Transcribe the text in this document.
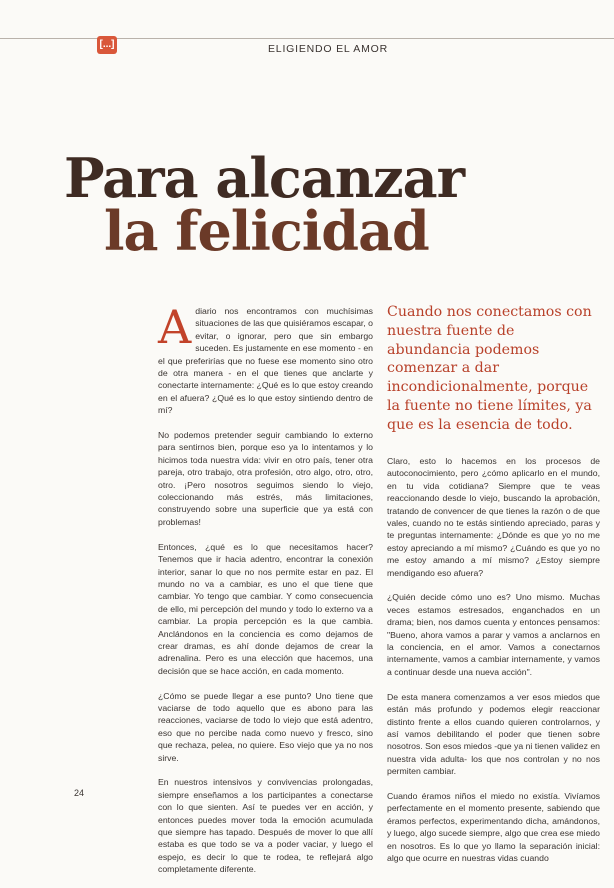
[...]	ELIGIENDO EL AMOR
Para alcanzar
la felicidad

Adiario nos encontramos con muchísimas situaciones de las que quisiéramos escapar, o evitar, o ignorar, pero que sin embargo suceden. Es justamente en ese momento - en el que preferirías que no fuese ese momento sino otro de otra manera - en el que tienes que anclarte y conectarte internamente: ¿Qué es lo que estoy creando en el afuera? ¿Qué es lo que estoy sintiendo dentro de mí?

No podemos pretender seguir cambiando lo externo para sentirnos bien, porque eso ya lo intentamos y lo hicimos toda nuestra vida: vivir en otro país, tener otra pareja, otro trabajo, otra profesión, otro algo, otro, otro, otro. ¡Pero nosotros seguimos siendo lo viejo, coleccionando más estrés, más limitaciones, construyendo sobre una superficie que ya está con problemas!

Entonces, ¿qué es lo que necesitamos hacer? Tenemos que ir hacia adentro, encontrar la conexión interior, sanar lo que no nos permite estar en paz. El mundo no va a cambiar, es uno el que tiene que cambiar. Yo tengo que cambiar. Y como consecuencia de ello, mi percepción del mundo y todo lo externo va a cambiar. La propia percepción es la que cambia. Anclándonos en la conciencia es como dejamos de crear dramas, es ahí donde dejamos de crear la adrenalina. Pero es una elección que hacemos, una decisión que se hace acción, en cada momento.

¿Cómo se puede llegar a ese punto? Uno tiene que vaciarse de todo aquello que es abono para las reacciones, vaciarse de todo lo viejo que está adentro, eso que no percibe nada como nuevo y fresco, sino que rechaza, pelea, no quiere. Eso viejo que ya no nos sirve.

En nuestros intensivos y convivencias prolongadas, siempre enseñamos a los participantes a conectarse con lo que sienten. Así te puedes ver en acción, y entonces puedes mover toda la emoción acumulada que siempre has tapado. Después de mover lo que allí estaba es que todo se va a poder vaciar, y luego el espejo, es decir lo que te rodea, te reflejará algo completamente diferente.

Cuando nos conectamos con nuestra fuente de abundancia podemos comenzar a dar incondicionalmente, porque la fuente no tiene límites, ya que es la esencia de todo.

Claro, esto lo hacemos en los procesos de autoconocimiento, pero ¿cómo aplicarlo en el mundo, en tu vida cotidiana? Siempre que te veas reaccionando desde lo viejo, buscando la aprobación, tratando de convencer de que tienes la razón o de que vales, cuando no te estás sintiendo apreciado, paras y te preguntas internamente: ¿Dónde es que yo no me estoy apreciando a mí mismo? ¿Cuándo es que yo no me estoy amando a mí mismo? ¿Estoy siempre mendigando eso afuera?

¿Quién decide cómo uno es? Uno mismo. Muchas veces estamos estresados, enganchados en un drama; bien, nos damos cuenta y entonces pensamos: "Bueno, ahora vamos a parar y vamos a anclarnos en la conciencia, en el amor. Vamos a conectarnos internamente, vamos a cambiar internamente, y vamos a continuar desde una nueva acción".

De esta manera comenzamos a ver esos miedos que están más profundo y podemos elegir reaccionar distinto frente a ellos cuando quieren controlarnos, y así vamos debilitando el poder que tienen sobre nosotros. Son esos miedos -que ya ni tienen validez en nuestra vida adulta- los que nos controlan y no nos permiten cambiar.

Cuando éramos niños el miedo no existía. Vivíamos perfectamente en el momento presente, sabiendo que éramos perfectos, experimentando dicha, amándonos, y luego, algo sucede siempre, algo que crea ese miedo en nosotros. Es lo que yo llamo la separación inicial: algo que ocurre en nuestras vidas cuando

24
